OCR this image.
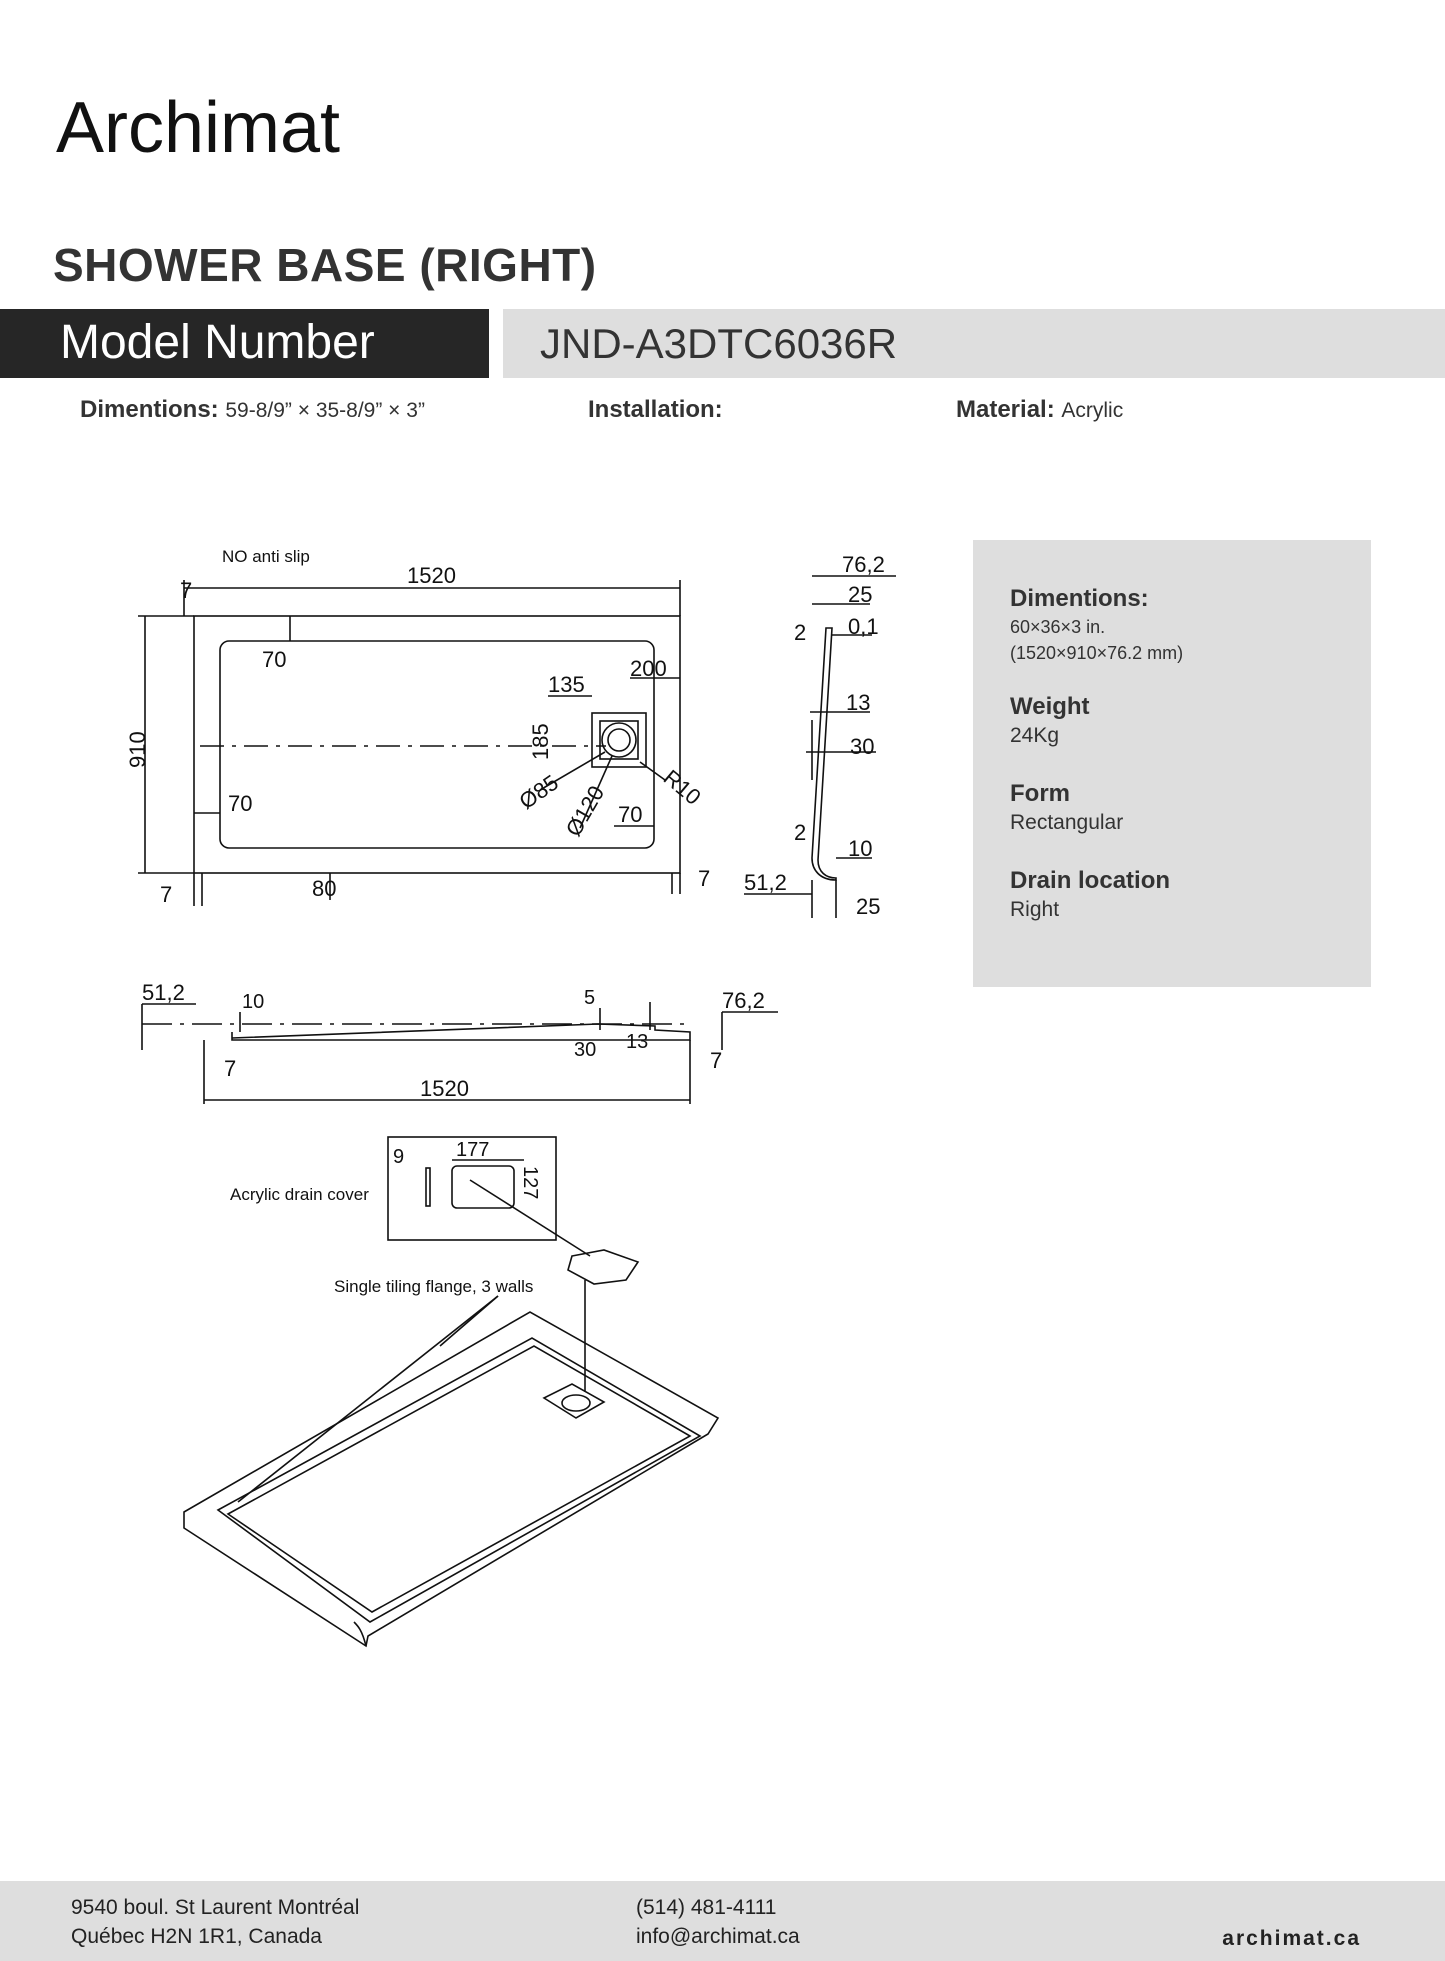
Archimat
SHOWER BASE (RIGHT)
Model Number	JND-A3DTC6036R
Dimentions: 59-8/9” × 35-8/9” × 3”	Installation:	Material: Acrylic
Dimentions:
60×36×3 in.
(1520×910×76.2 mm)
Weight
24Kg
Form
Rectangular
Drain location
Right
NO anti slip
1520
910
7
70
135
200
185
Ø85
Ø120 R10
70	70
80
7
7
76,2
25
2 0,1
13
30
2
10
51,2
25
51,2	10	5	76,2
30 13
7	7
1520
Acrylic drain cover
9	177
127
Single tiling flange, 3 walls
9540 boul. St Laurent Montréal
Québec H2N 1R1, Canada
(514) 481-4111
info@archimat.ca	archimat.ca
